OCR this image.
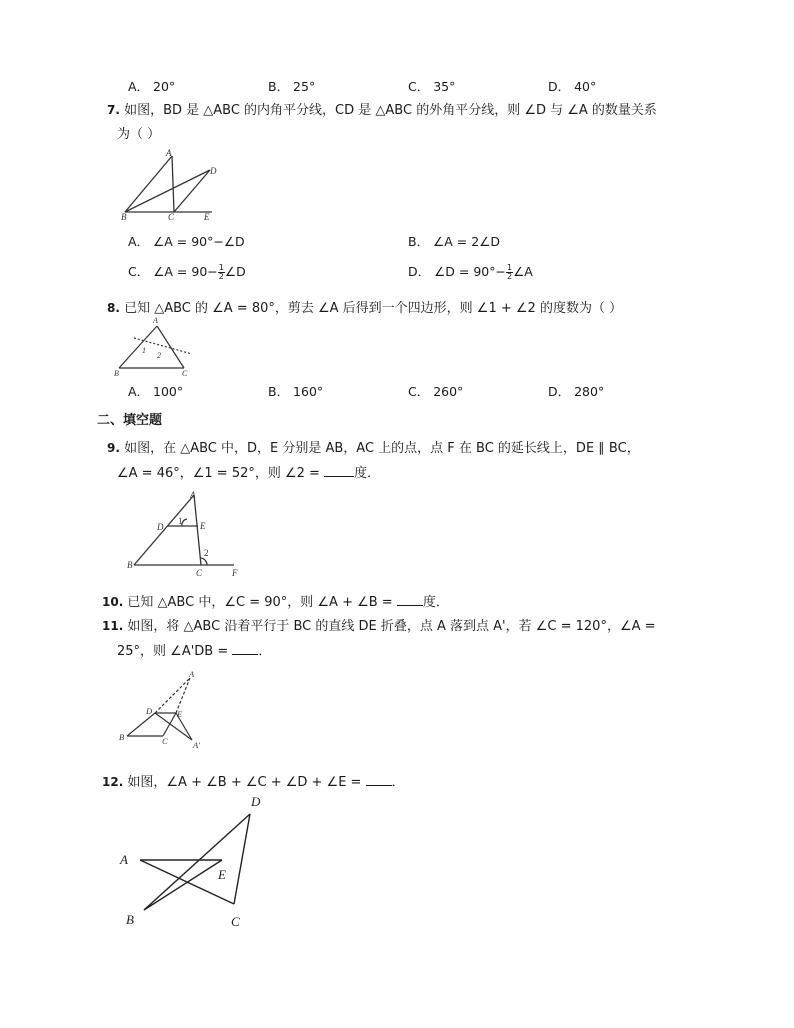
A． 20°	B． 25°	C． 35°	D． 40°
7. 如图，BD 是 △ABC 的内角平分线，CD 是 △ABC 的外角平分线，则 ∠D 与 ∠A 的数量关系
为（ ）
A
D
B	C	E
A． ∠A = 90°−∠D	B． ∠A = 2∠D
C． ∠A = $90- \frac{1}{2}$ ∠D	D． ∠D = $90^\circ- \frac{1}{2}$ ∠A
8. 已知 △ABC 的 ∠A = 80°，剪去 ∠A 后得到一个四边形，则 ∠1 + ∠2 的度数为（ ）
A
B	C
1
2
A． 100°	B． 160°	C． 260°	D． 280°
二、填空题
9. 如图，在 △ABC 中，D，E 分别是 AB，AC 上的点，点 F 在 BC 的延长线上，DE ∥ BC，
∠A = 46°，∠1 = 52°，则 ∠2 = 度．
A
D	E
1
2
B
C	F
10. 已知 △ABC 中，∠C = 90°，则 ∠A + ∠B = 度．
11. 如图，将 △ABC 沿着平行于 BC 的直线 DE 折叠，点 A 落到点 A'，若 ∠C = 120°，∠A =
25°，则 ∠A'DB = ．
A
D	E
B	C	A'
12. 如图，∠A + ∠B + ∠C + ∠D + ∠E = ．
A
D
E
B	C
